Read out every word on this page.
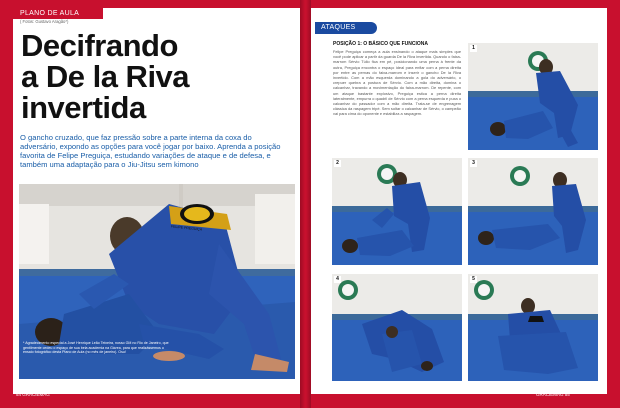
PLANO DE AULA
( Fotos: Gustavo Aragão*)
Decifrando
a De la Riva
invertida
O gancho cruzado, que faz pressão sobre a parte interna da coxa do adversário, expondo as opções para você jogar por baixo. Aprenda a posição favorita de Felipe Preguiça, estudando variações de ataque e de defesa, e também uma adaptação para o Jiu-Jitsu sem kimono
FELIPE PREGUIÇA
* Agradecimento especial a José Henrique Leão Teixeira, nosso GM no Rio de Janeiro, que gentilmente cedeu o espaço de sua bela academia na Gávea, para que realizássemos o ensaio fotográfico desta Plano de Aula (no mês de janeiro). Osu!
ATAQUES
POSIÇÃO 1: O BÁSICO QUE FUNCIONA
Felipe Preguiça começa a aula ensinando o ataque mais simples que você pode aplicar a partir da guarda De la Riva invertida. Quando o faixa-marrom Sérvio Túlio fica em pé, posicionando uma perna à frente da outra, Preguiça encontra o espaço ideal para enfiar com a perna direita por entre as pernas do faixa-marrom e inserir o gancho De la Riva invertido. Com a mão esquerda dominando a gola do adversário, o crepuer quebra a postura de Sérvio. Com a mão direita, domina o calcanhar, travando a movimentação do faixa-marrom. De repente, com um ataque bastante explosivo, Preguiça estica a perna direita lateralmente, empurra o quadril de Sérvio com a perna esquerda e puxa o calcanhar do passador com a mão direita. Trata-se de engrenagem clássica da raspagem tripé. Sem soltar o calcanhar de Sérvio, o campeão vai para cima do oponente e estabiliza a raspagem.
1
2	3
4	5
54 GRACIEMAG	GRACIEMAG 55
